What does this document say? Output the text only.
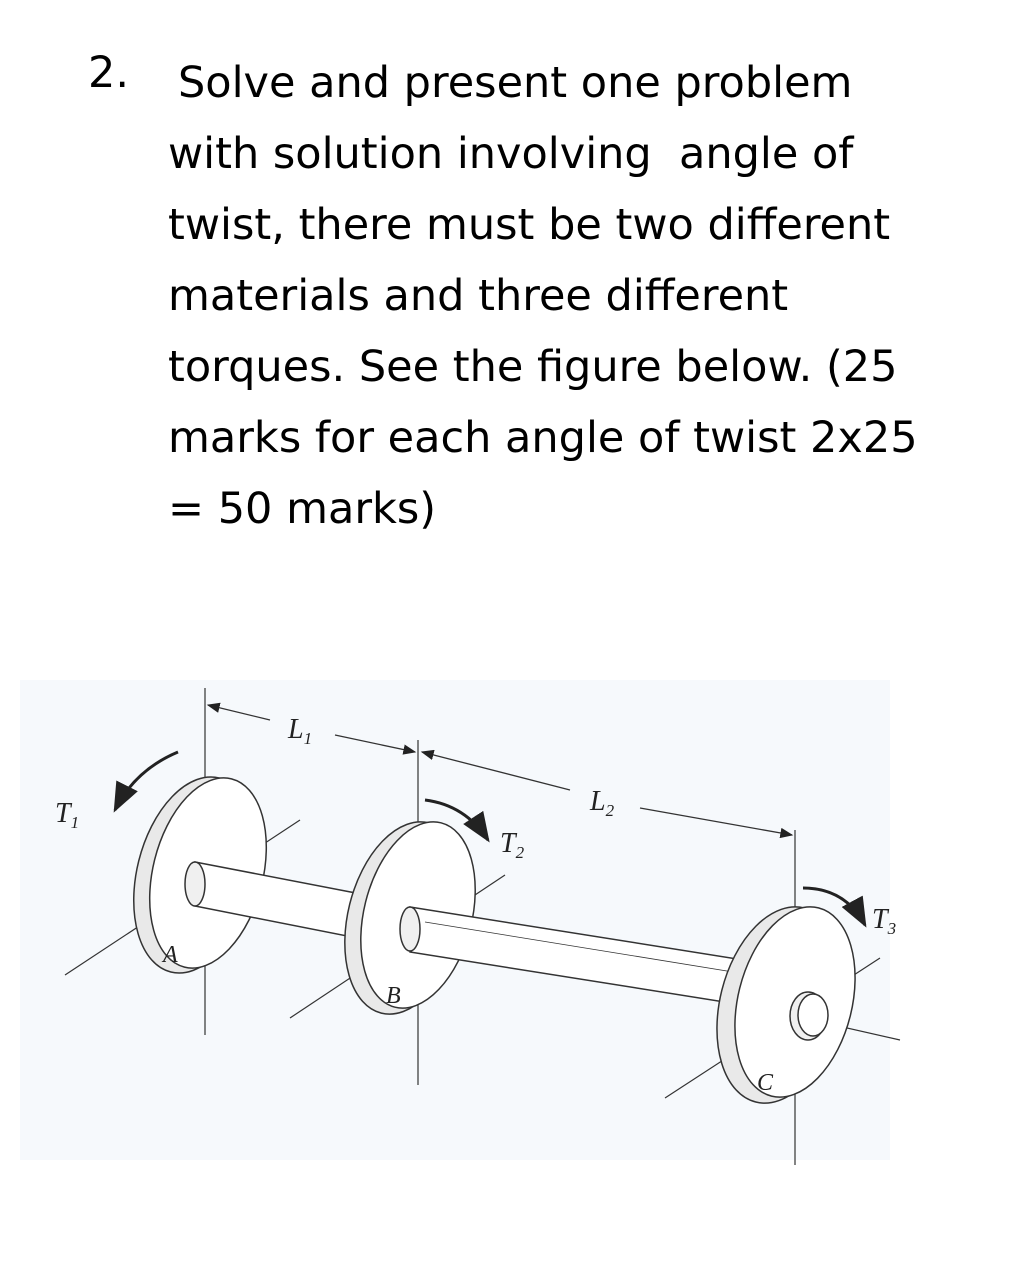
2. Solve and present one problem
with solution involving  angle of
twist, there must be two different
materials and three different
torques. See the figure below. (25
marks for each angle of twist 2x25
= 50 marks)
$T_1$
$T_2$
$T_3$
$L_1$
$L_2$
A
B
C
